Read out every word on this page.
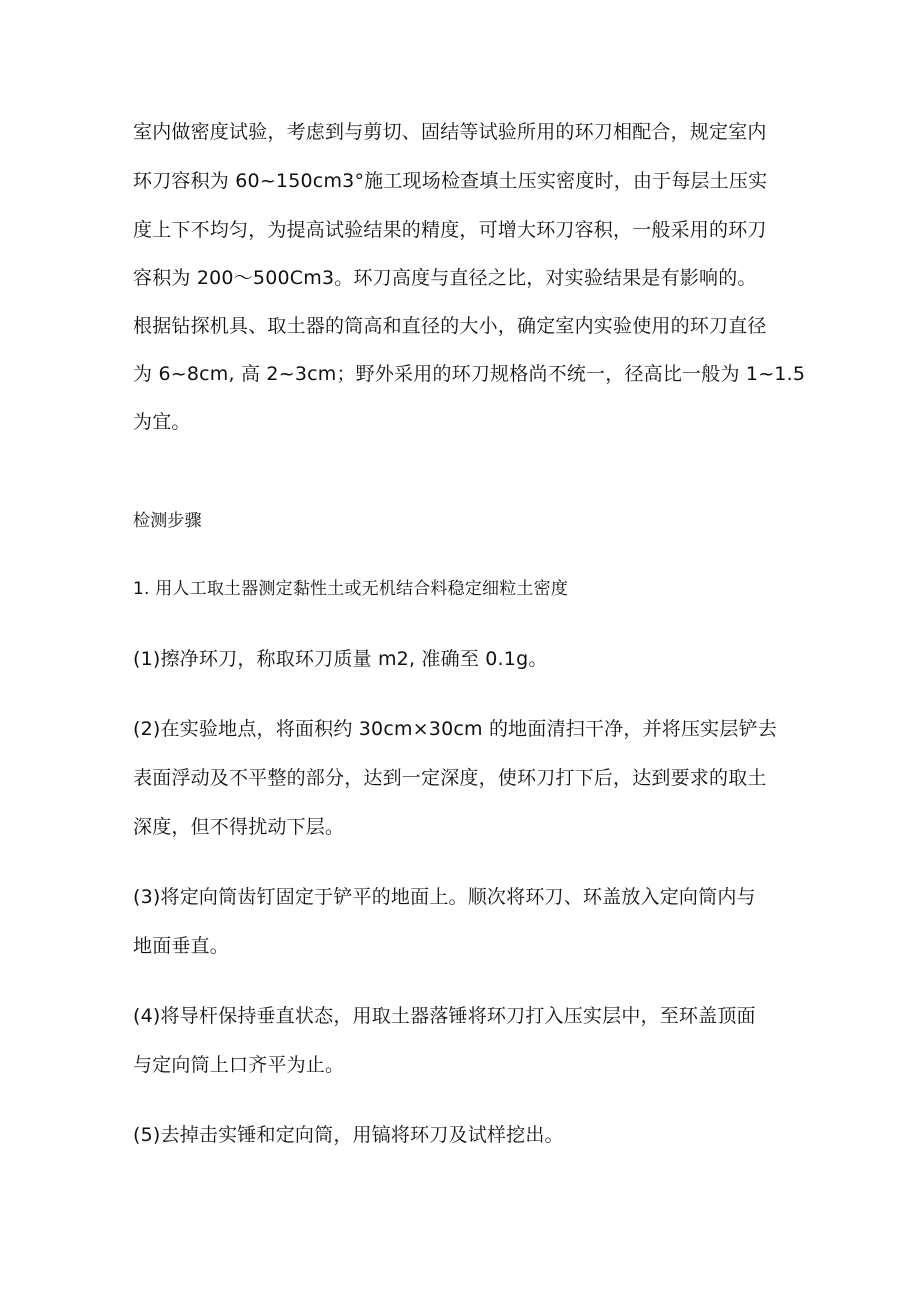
室内做密度试验，考虑到与剪切、固结等试验所用的环刀相配合，规定室内
环刀容积为 60~150cm3°施工现场检查填土压实密度时，由于每层土压实
度上下不均匀，为提高试验结果的精度，可增大环刀容积，一般采用的环刀
容积为 200～500Cm3。环刀高度与直径之比，对实验结果是有影响的。
根据钻探机具、取土器的筒高和直径的大小，确定室内实验使用的环刀直径
为 6~8cm, 高 2~3cm；野外采用的环刀规格尚不统一，径高比一般为 1~1.5
为宜。
检测步骤
1. 用人工取土器测定黏性土或无机结合料稳定细粒土密度
(1)擦净环刀，称取环刀质量 m2, 准确至 0.1g。
(2)在实验地点，将面积约 30cm×30cm 的地面清扫干净，并将压实层铲去
表面浮动及不平整的部分，达到一定深度，使环刀打下后，达到要求的取土
深度，但不得扰动下层。
(3)将定向筒齿钉固定于铲平的地面上。顺次将环刀、环盖放入定向筒内与
地面垂直。
(4)将导杆保持垂直状态，用取土器落锤将环刀打入压实层中，至环盖顶面
与定向筒上口齐平为止。
(5)去掉击实锤和定向筒，用镐将环刀及试样挖出。
